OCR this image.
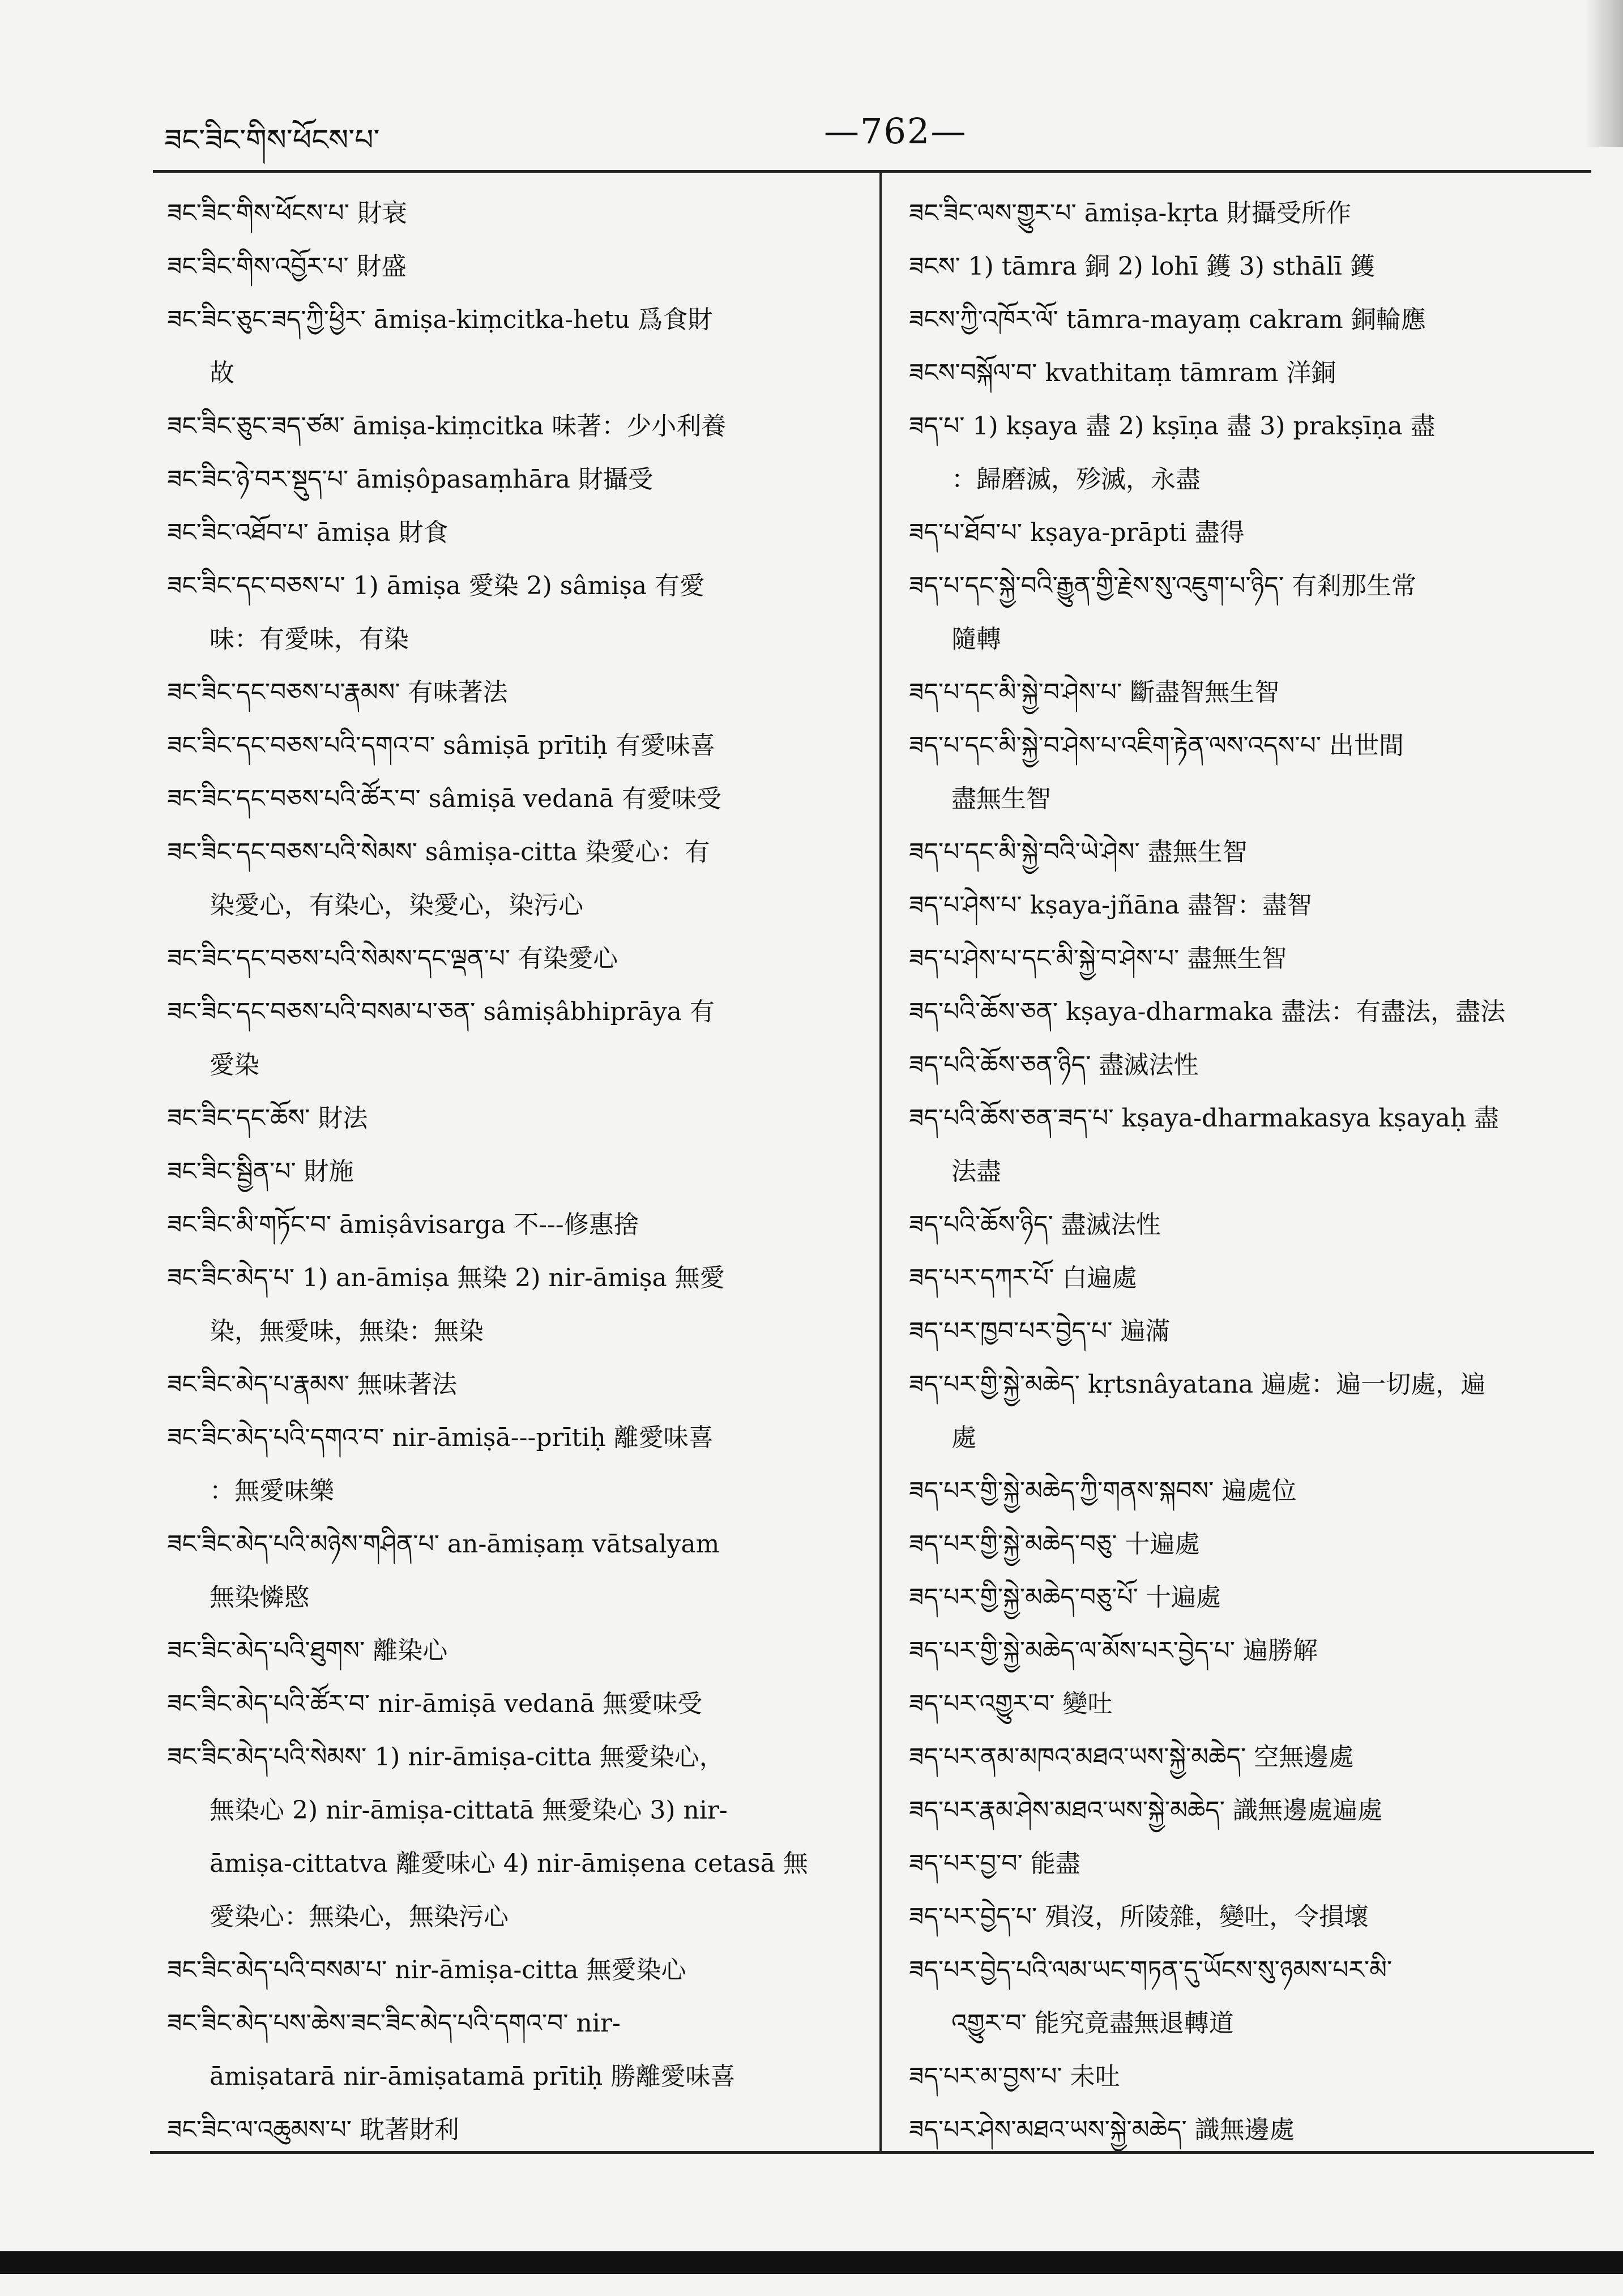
ཟང་ཟིང་གིས་ཕོངས་པ་	—762—
ཟང་ཟིང་གིས་ཕོངས་པ་ 財衰
ཟང་ཟིང་གིས་འབྱོར་པ་ 財盛
ཟང་ཟིང་ཅུང་ཟད་ཀྱི་ཕྱིར་ āmiṣa-kiṃcitka-hetu 爲食財
故
ཟང་ཟིང་ཅུང་ཟད་ཙམ་ āmiṣa-kiṃcitka 味著：少小利養
ཟང་ཟིང་ཉེ་བར་སྡུད་པ་ āmiṣôpasaṃhāra 財攝受
ཟང་ཟིང་འཐོབ་པ་ āmiṣa 財食
ཟང་ཟིང་དང་བཅས་པ་ 1) āmiṣa 愛染 2) sâmiṣa 有愛
味：有愛味，有染
ཟང་ཟིང་དང་བཅས་པ་རྣམས་ 有味著法
ཟང་ཟིང་དང་བཅས་པའི་དགའ་བ་ sâmiṣā prītiḥ 有愛味喜
ཟང་ཟིང་དང་བཅས་པའི་ཚོར་བ་ sâmiṣā vedanā 有愛味受
ཟང་ཟིང་དང་བཅས་པའི་སེམས་ sâmiṣa-citta 染愛心：有
染愛心，有染心，染愛心，染污心
ཟང་ཟིང་དང་བཅས་པའི་སེམས་དང་ལྡན་པ་ 有染愛心
ཟང་ཟིང་དང་བཅས་པའི་བསམ་པ་ཅན་ sâmiṣâbhiprāya 有
愛染
ཟང་ཟིང་དང་ཆོས་ 財法
ཟང་ཟིང་སྦྱིན་པ་ 財施
ཟང་ཟིང་མི་གཏོང་བ་ āmiṣâvisarga 不---修惠捨
ཟང་ཟིང་མེད་པ་ 1) an-āmiṣa 無染 2) nir-āmiṣa 無愛
染，無愛味，無染：無染
ཟང་ཟིང་མེད་པ་རྣམས་ 無味著法
ཟང་ཟིང་མེད་པའི་དགའ་བ་ nir-āmiṣā---prītiḥ 離愛味喜
：無愛味樂
ཟང་ཟིང་མེད་པའི་མཉེས་གཤིན་པ་ an-āmiṣaṃ vātsalyam
無染憐愍
ཟང་ཟིང་མེད་པའི་ཐུགས་ 離染心
ཟང་ཟིང་མེད་པའི་ཚོར་བ་ nir-āmiṣā vedanā 無愛味受
ཟང་ཟིང་མེད་པའི་སེམས་ 1) nir-āmiṣa-citta 無愛染心，
無染心 2) nir-āmiṣa-cittatā 無愛染心 3) nir-
āmiṣa-cittatva 離愛味心 4) nir-āmiṣena cetasā 無
愛染心：無染心，無染污心
ཟང་ཟིང་མེད་པའི་བསམ་པ་ nir-āmiṣa-citta 無愛染心
ཟང་ཟིང་མེད་པས་ཆེས་ཟང་ཟིང་མེད་པའི་དགའ་བ་ nir-
āmiṣatarā nir-āmiṣatamā prītiḥ 勝離愛味喜
ཟང་ཟིང་ལ་འཆུམས་པ་ 耽著財利
ཟང་ཟིང་ལས་གྱུར་པ་ āmiṣa-kṛta 財攝受所作
ཟངས་ 1) tāmra 銅 2) lohī 鑊 3) sthālī 鑊
ཟངས་ཀྱི་འཁོར་ལོ་ tāmra-mayaṃ cakram 銅輪應
ཟངས་བསྐོལ་བ་ kvathitaṃ tāmram 洋銅
ཟད་པ་ 1) kṣaya 盡 2) kṣīṇa 盡 3) prakṣīṇa 盡
：歸磨滅，殄滅，永盡
ཟད་པ་ཐོབ་པ་ kṣaya-prāpti 盡得
ཟད་པ་དང་སྐྱེ་བའི་རྒྱུན་གྱི་རྗེས་སུ་འཇུག་པ་ཉིད་ 有剎那生常
隨轉
ཟད་པ་དང་མི་སྐྱེ་བ་ཤེས་པ་ 斷盡智無生智
ཟད་པ་དང་མི་སྐྱེ་བ་ཤེས་པ་འཇིག་རྟེན་ལས་འདས་པ་ 出世間
盡無生智
ཟད་པ་དང་མི་སྐྱེ་བའི་ཡེ་ཤེས་ 盡無生智
ཟད་པ་ཤེས་པ་ kṣaya-jñāna 盡智：盡智
ཟད་པ་ཤེས་པ་དང་མི་སྐྱེ་བ་ཤེས་པ་ 盡無生智
ཟད་པའི་ཆོས་ཅན་ kṣaya-dharmaka 盡法：有盡法，盡法
ཟད་པའི་ཆོས་ཅན་ཉིད་ 盡滅法性
ཟད་པའི་ཆོས་ཅན་ཟད་པ་ kṣaya-dharmakasya kṣayaḥ 盡
法盡
ཟད་པའི་ཆོས་ཉིད་ 盡滅法性
ཟད་པར་དཀར་པོ་ 白遍處
ཟད་པར་ཁྱབ་པར་བྱེད་པ་ 遍滿
ཟད་པར་གྱི་སྐྱེ་མཆེད་ kṛtsnâyatana 遍處：遍一切處，遍
處
ཟད་པར་གྱི་སྐྱེ་མཆེད་ཀྱི་གནས་སྐབས་ 遍處位
ཟད་པར་གྱི་སྐྱེ་མཆེད་བཅུ་ 十遍處
ཟད་པར་གྱི་སྐྱེ་མཆེད་བཅུ་པོ་ 十遍處
ཟད་པར་གྱི་སྐྱེ་མཆེད་ལ་མོས་པར་བྱེད་པ་ 遍勝解
ཟད་པར་འགྱུར་བ་ 變吐
ཟད་པར་ནམ་མཁའ་མཐའ་ཡས་སྐྱེ་མཆེད་ 空無邊處
ཟད་པར་རྣམ་ཤེས་མཐའ་ཡས་སྐྱེ་མཆེད་ 識無邊處遍處
ཟད་པར་བྱ་བ་ 能盡
ཟད་པར་བྱེད་པ་ 殞沒，所陵雜，變吐，令損壞
ཟད་པར་བྱེད་པའི་ལམ་ཡང་གཏན་དུ་ཡོངས་སུ་ཉམས་པར་མི་
འགྱུར་བ་ 能究竟盡無退轉道
ཟད་པར་མ་བྱས་པ་ 未吐
ཟད་པར་ཤེས་མཐའ་ཡས་སྐྱེ་མཆེད་ 識無邊處
